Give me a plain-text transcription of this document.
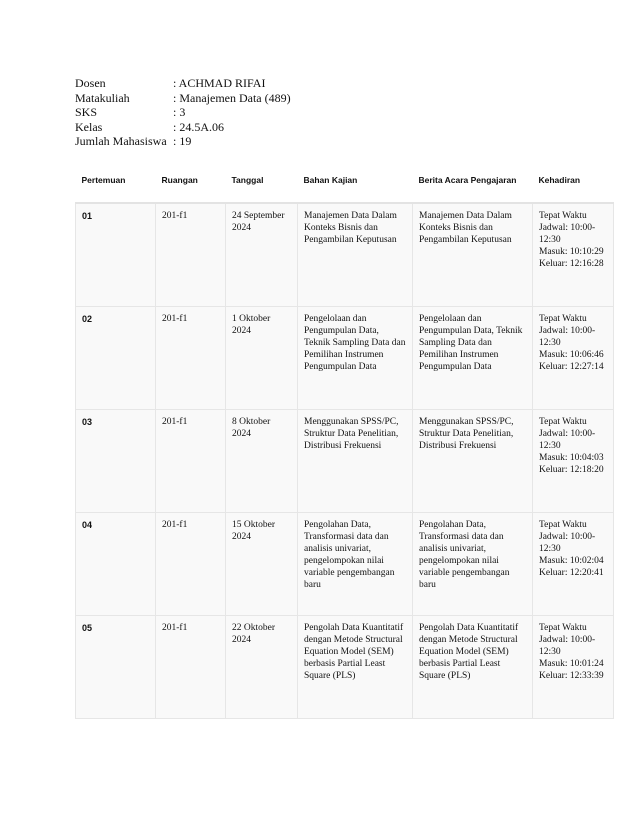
Dosen	: ACHMAD RIFAI
Matakuliah	: Manajemen Data (489)
SKS	: 3
Kelas	: 24.5A.06
Jumlah Mahasiswa : 19
Pertemuan	Ruangan	Tanggal	Bahan Kajian	Berita Acara Pengajaran	Kehadiran
01	201-f1	24 September 2024	Manajemen Data Dalam Konteks Bisnis dan Pengambilan Keputusan	Manajemen Data Dalam Konteks Bisnis dan Pengambilan Keputusan	Tepat Waktu
Jadwal: 10:00-12:30
Masuk: 10:10:29
Keluar: 12:16:28

02	201-f1	1 Oktober 2024	Pengelolaan dan Pengumpulan Data, Teknik Sampling Data dan Pemilihan Instrumen Pengumpulan Data	Pengelolaan dan Pengumpulan Data, Teknik Sampling Data dan Pemilihan Instrumen Pengumpulan Data	Tepat Waktu
Jadwal: 10:00-12:30
Masuk: 10:06:46
Keluar: 12:27:14

03	201-f1	8 Oktober 2024	Menggunakan SPSS/PC, Struktur Data Penelitian, Distribusi Frekuensi	Menggunakan SPSS/PC, Struktur Data Penelitian, Distribusi Frekuensi	Tepat Waktu
Jadwal: 10:00-12:30
Masuk: 10:04:03
Keluar: 12:18:20

04	201-f1	15 Oktober 2024	Pengolahan Data, Transformasi data dan analisis univariat, pengelompokan nilai variable pengembangan baru	Pengolahan Data, Transformasi data dan analisis univariat, pengelompokan nilai variable pengembangan baru	Tepat Waktu
Jadwal: 10:00-12:30
Masuk: 10:02:04
Keluar: 12:20:41

05	201-f1	22 Oktober 2024	Pengolah Data Kuantitatif dengan Metode Structural Equation Model (SEM) berbasis Partial Least Square (PLS)	Pengolah Data Kuantitatif dengan Metode Structural Equation Model (SEM) berbasis Partial Least Square (PLS)	Tepat Waktu
Jadwal: 10:00-12:30
Masuk: 10:01:24
Keluar: 12:33:39
